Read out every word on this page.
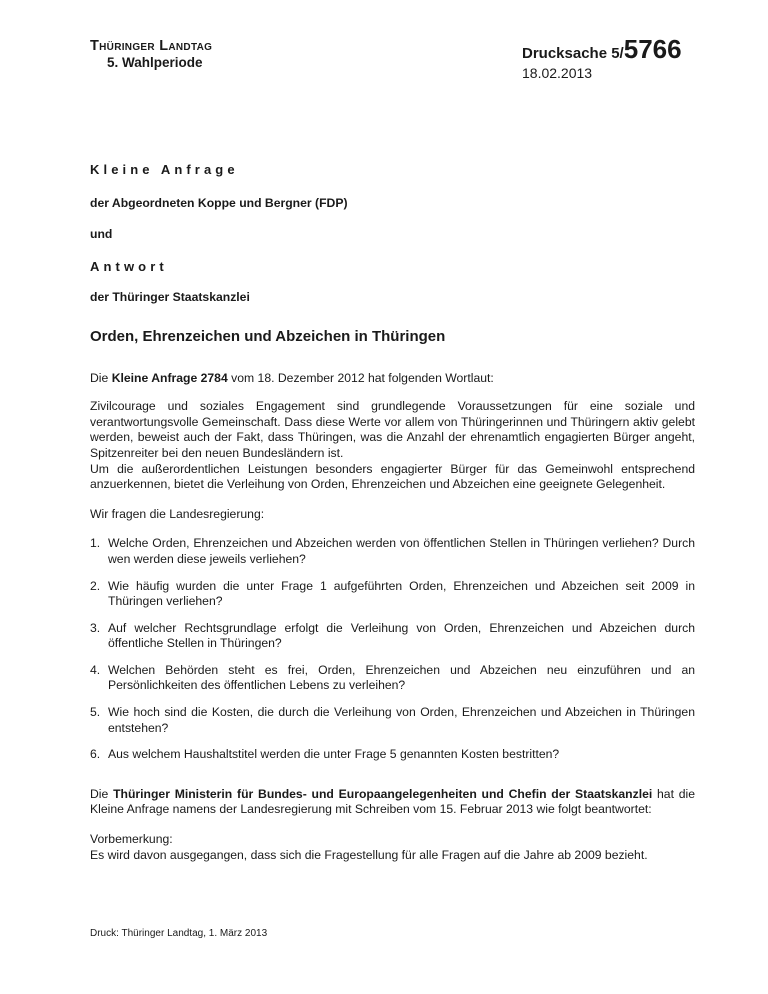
Thüringer Landtag
5. Wahlperiode
Drucksache 5/5766
18.02.2013
Kleine Anfrage
der Abgeordneten Koppe und Bergner (FDP)
und
Antwort
der Thüringer Staatskanzlei
Orden, Ehrenzeichen und Abzeichen in Thüringen

Die Kleine Anfrage 2784 vom 18. Dezember 2012 hat folgenden Wortlaut:

Zivilcourage und soziales Engagement sind grundlegende Voraussetzungen für eine soziale und verantwortungsvolle Gemeinschaft. Dass diese Werte vor allem von Thüringerinnen und Thüringern aktiv gelebt werden, beweist auch der Fakt, dass Thüringen, was die Anzahl der ehrenamtlich engagierten Bürger angeht, Spitzenreiter bei den neuen Bundesländern ist.

Um die außerordentlichen Leistungen besonders engagierter Bürger für das Gemeinwohl entsprechend anzuerkennen, bietet die Verleihung von Orden, Ehrenzeichen und Abzeichen eine geeignete Gelegenheit.

Wir fragen die Landesregierung:

1. Welche Orden, Ehrenzeichen und Abzeichen werden von öffentlichen Stellen in Thüringen verliehen? Durch wen werden diese jeweils verliehen?
2. Wie häufig wurden die unter Frage 1 aufgeführten Orden, Ehrenzeichen und Abzeichen seit 2009 in Thüringen verliehen?
3. Auf welcher Rechtsgrundlage erfolgt die Verleihung von Orden, Ehrenzeichen und Abzeichen durch öffentliche Stellen in Thüringen?
4. Welchen Behörden steht es frei, Orden, Ehrenzeichen und Abzeichen neu einzuführen und an Persönlichkeiten des öffentlichen Lebens zu verleihen?
5. Wie hoch sind die Kosten, die durch die Verleihung von Orden, Ehrenzeichen und Abzeichen in Thüringen entstehen?
6. Aus welchem Haushaltstitel werden die unter Frage 5 genannten Kosten bestritten?

Die Thüringer Ministerin für Bundes- und Europaangelegenheiten und Chefin der Staatskanzlei hat die Kleine Anfrage namens der Landesregierung mit Schreiben vom 15. Februar 2013 wie folgt beantwortet:

Vorbemerkung:
Es wird davon ausgegangen, dass sich die Fragestellung für alle Fragen auf die Jahre ab 2009 bezieht.
Druck: Thüringer Landtag, 1. März 2013
